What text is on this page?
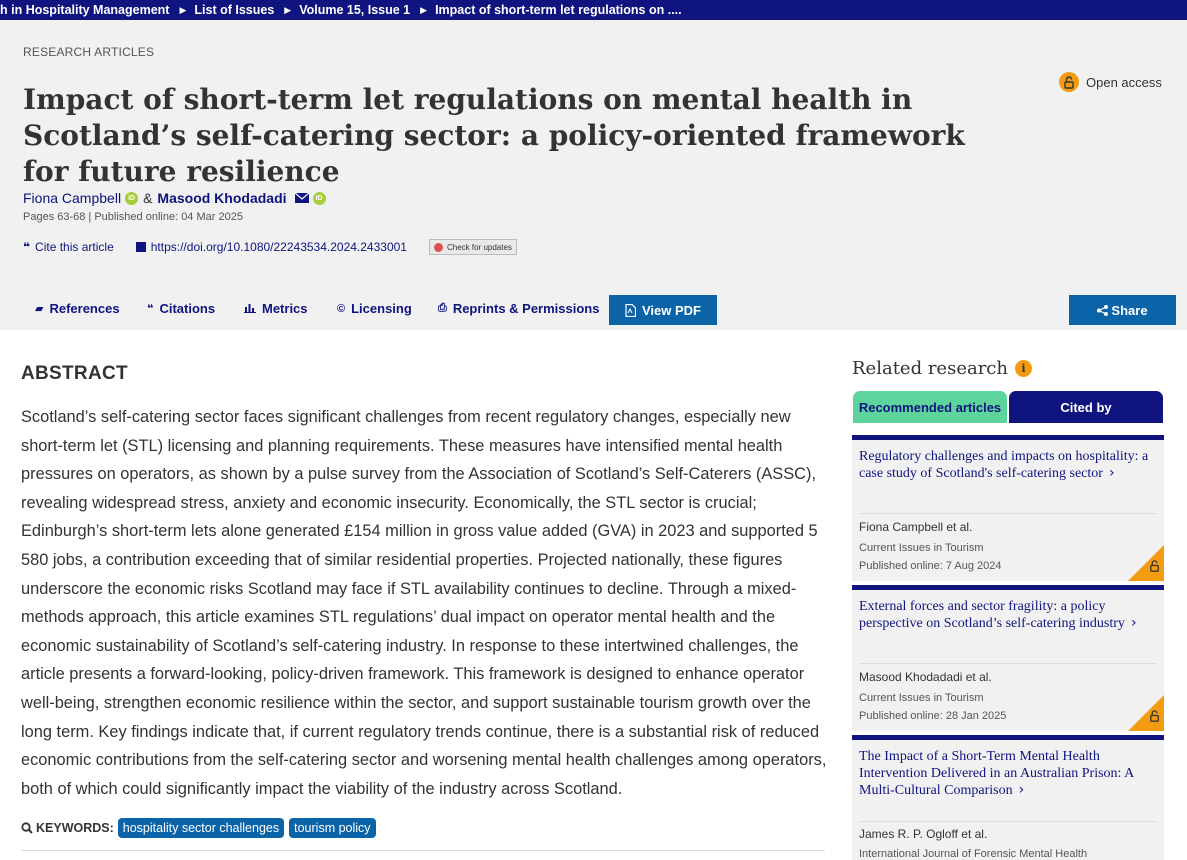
h in Hospitality Management ▶ List of Issues ▶ Volume 15, Issue 1 ▶ Impact of short-term let regulations on ....
RESEARCH ARTICLES
Impact of short-term let regulations on mental health in Scotland’s self-catering sector: a policy-oriented framework for future resilience
Open access
Fiona Campbell	iD & Masood Khodadadi	iD
Pages 63-68 | Published online: 04 Mar 2025
❝ Cite this article	https://doi.org/10.1080/22243534.2024.2433001	Check for updates
▰ References ❝ Citations	Metrics	© Licensing ⎙ Reprints & Permissions	View PDF	Share
ABSTRACT
Scotland’s self-catering sector faces significant challenges from recent regulatory changes, especially new short-term let (STL) licensing and planning requirements. These measures have intensified mental health pressures on operators, as shown by a pulse survey from the Association of Scotland’s Self-Caterers (ASSC), revealing widespread stress, anxiety and economic insecurity. Economically, the STL sector is crucial; Edinburgh’s short-term lets alone generated £154 million in gross value added (GVA) in 2023 and supported 5 580 jobs, a contribution exceeding that of similar residential properties. Projected nationally, these figures underscore the economic risks Scotland may face if STL availability continues to decline. Through a mixed-methods approach, this article examines STL regulations’ dual impact on operator mental health and the economic sustainability of Scotland’s self-catering industry. In response to these intertwined challenges, the article presents a forward-looking, policy-driven framework. This framework is designed to enhance operator well-being, strengthen economic resilience within the sector, and support sustainable tourism growth over the long term. Key findings indicate that, if current regulatory trends continue, there is a substantial risk of reduced economic contributions from the self-catering sector and worsening mental health challenges among operators, both of which could significantly impact the viability of the industry across Scotland.
KEYWORDS: hospitality sector challenges	tourism policy
Related research	i
Recommended articles	Cited by
Regulatory challenges and impacts on hospitality: a case study of Scotland's self-catering sector ›
Fiona Campbell et al.
Current Issues in Tourism
Published online: 7 Aug 2024
External forces and sector fragility: a policy perspective on Scotland’s self-catering industry ›
Masood Khodadadi et al.
Current Issues in Tourism
Published online: 28 Jan 2025
The Impact of a Short-Term Mental Health Intervention Delivered in an Australian Prison: A Multi-Cultural Comparison ›
James R. P. Ogloff et al.
International Journal of Forensic Mental Health
